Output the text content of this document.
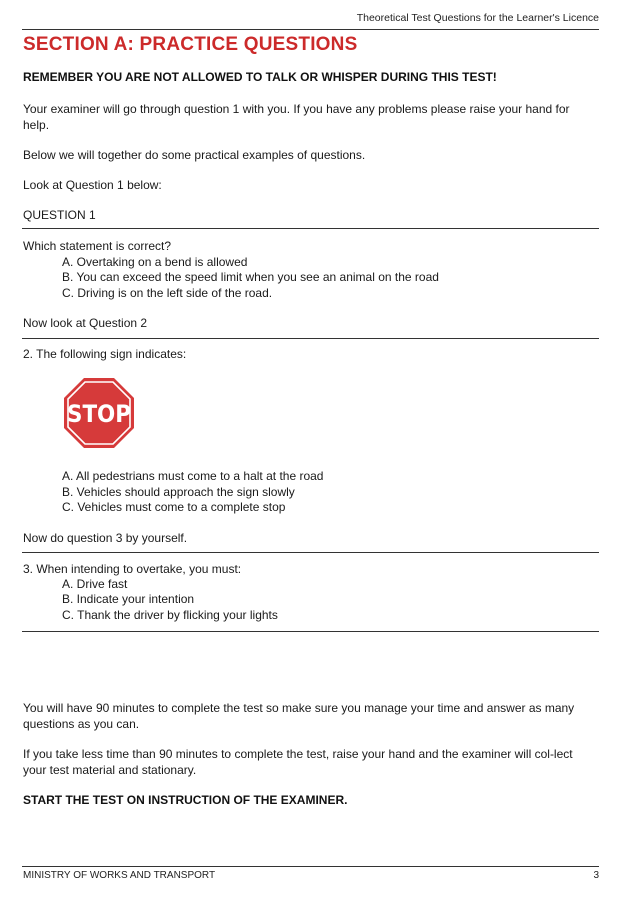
Theoretical Test Questions for the Learner's Licence
SECTION A: PRACTICE QUESTIONS
REMEMBER YOU ARE NOT ALLOWED TO TALK OR WHISPER DURING THIS TEST!
Your examiner will go through question 1 with you. If you have any problems please raise your hand for help.
Below we will together do some practical examples of questions.
Look at Question 1 below:
QUESTION 1
Which statement is correct?
A. Overtaking on a bend is allowed
B. You can exceed the speed limit when you see an animal on the road
C. Driving is on the left side of the road.
Now look at Question 2
2. The following sign indicates:
STOP
A. All pedestrians must come to a halt at the road
B. Vehicles should approach the sign slowly
C. Vehicles must come to a complete stop
Now do question 3 by yourself.
3. When intending to overtake, you must:
A. Drive fast
B. Indicate your intention
C. Thank the driver by flicking your lights
You will have 90 minutes to complete the test so make sure you manage your time and answer as many questions as you can.
If you take less time than 90 minutes to complete the test, raise your hand and the examiner will col-lect your test material and stationary.
START THE TEST ON INSTRUCTION OF THE EXAMINER.
MINISTRY OF WORKS AND TRANSPORT	3
